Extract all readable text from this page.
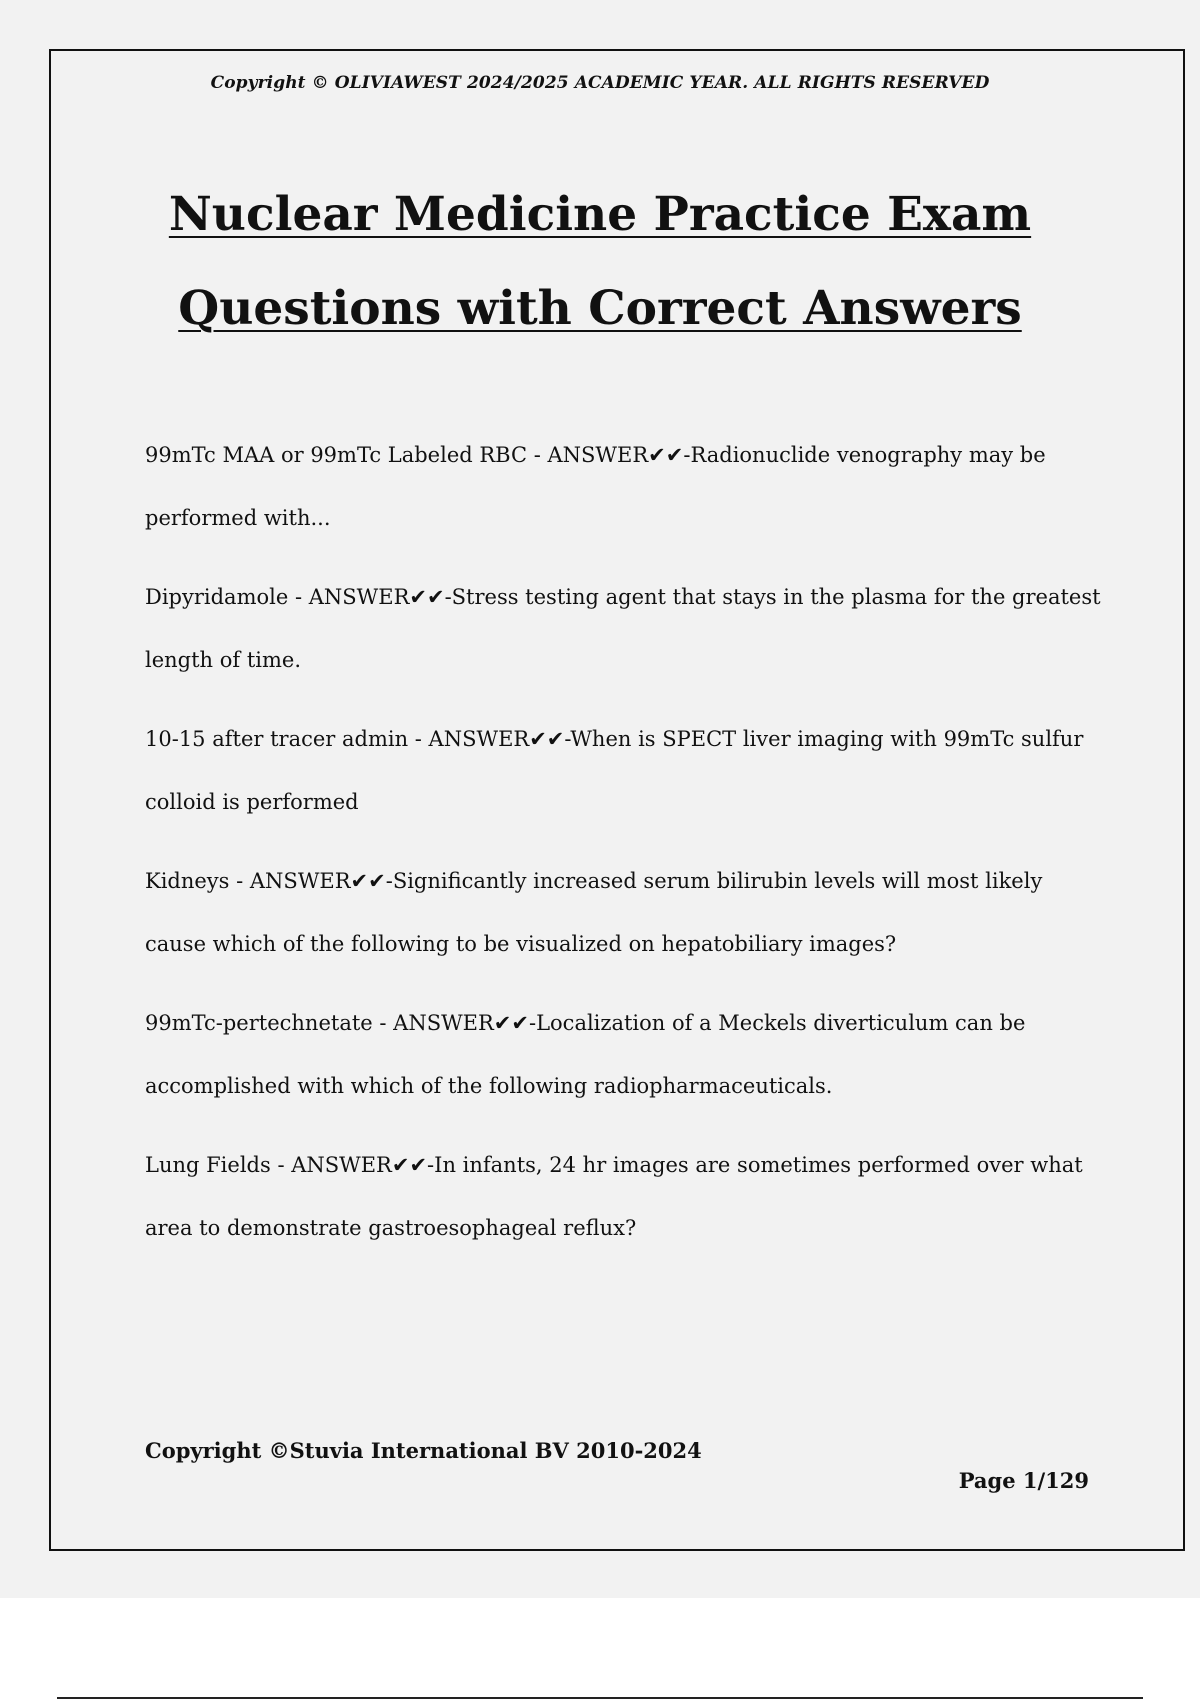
Copyright © OLIVIAWEST 2024/2025 ACADEMIC YEAR. ALL RIGHTS RESERVED
Nuclear Medicine Practice Exam
Questions with Correct Answers

99mTc MAA or 99mTc Labeled RBC - ANSWER✔✔-Radionuclide venography may be performed with...

Dipyridamole - ANSWER✔✔-Stress testing agent that stays in the plasma for the greatest length of time.

10-15 after tracer admin - ANSWER✔✔-When is SPECT liver imaging with 99mTc sulfur colloid is performed

Kidneys - ANSWER✔✔-Significantly increased serum bilirubin levels will most likely cause which of the following to be visualized on hepatobiliary images?

99mTc-pertechnetate - ANSWER✔✔-Localization of a Meckels diverticulum can be accomplished with which of the following radiopharmaceuticals.

Lung Fields - ANSWER✔✔-In infants, 24 hr images are sometimes performed over what area to demonstrate gastroesophageal reflux?

Copyright ©Stuvia International BV 2010-2024
Page 1/129
